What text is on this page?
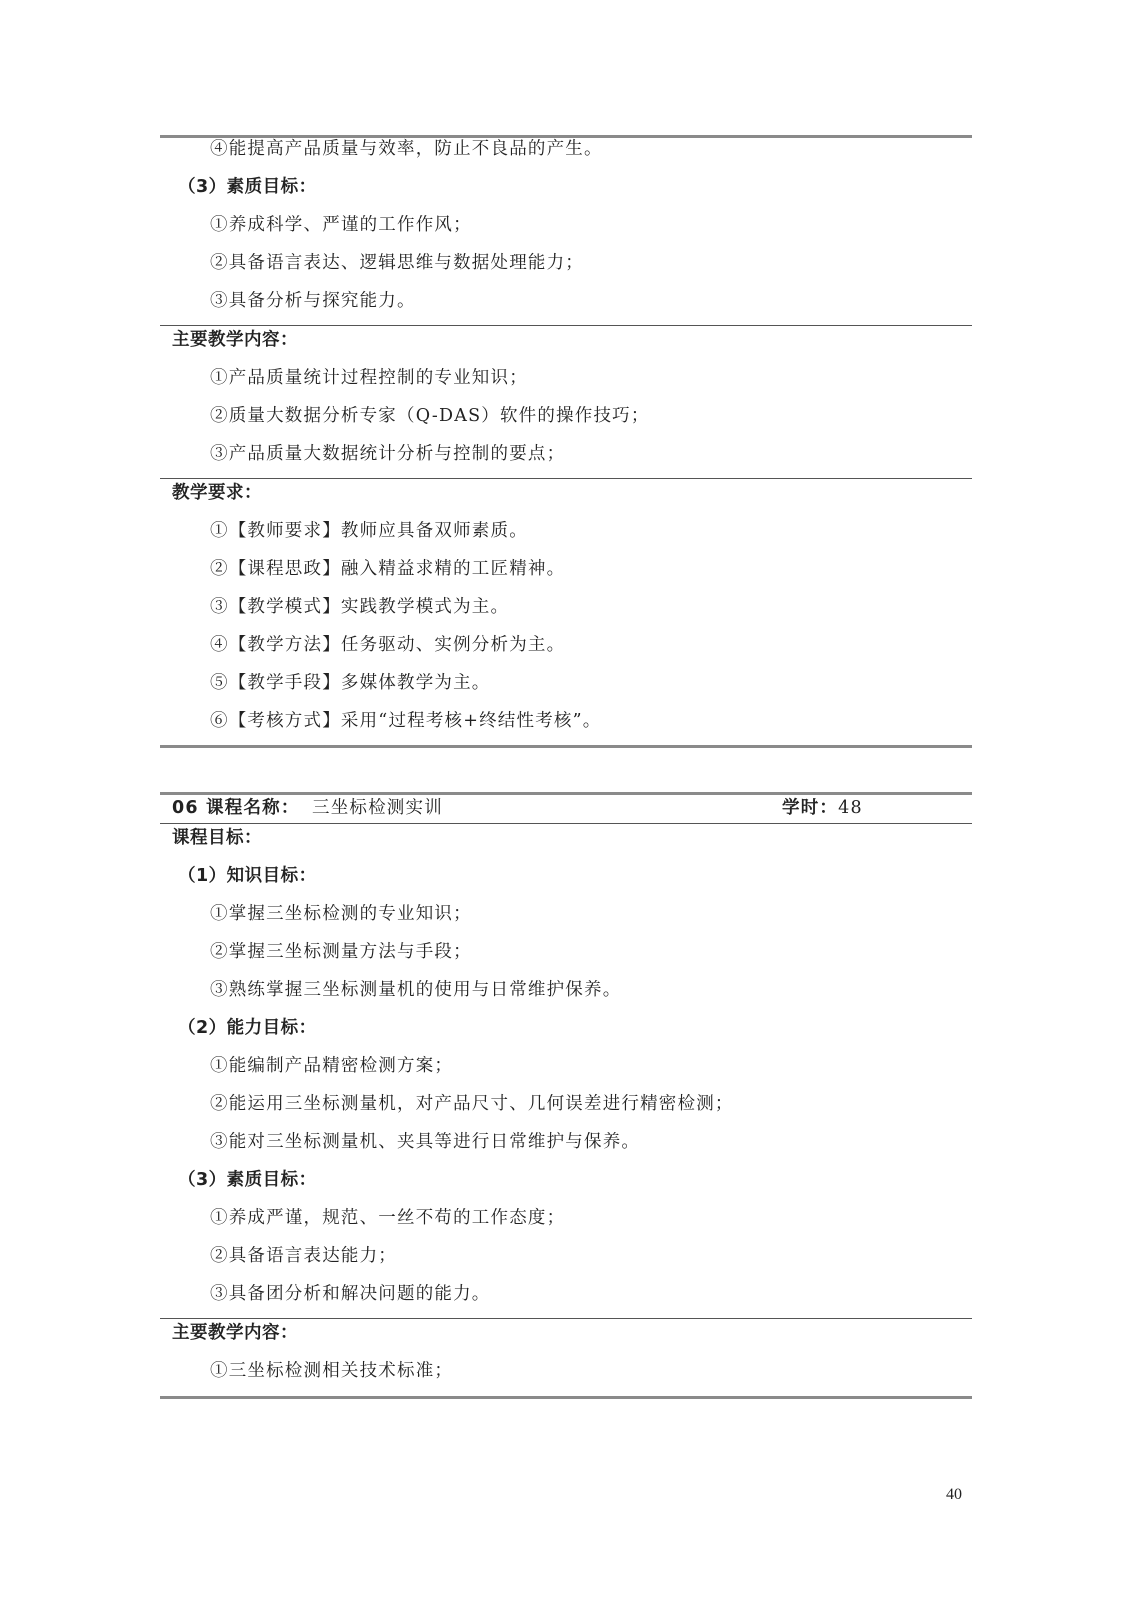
④能提高产品质量与效率，防止不良品的产生。
（3）素质目标：
①养成科学、严谨的工作作风；
②具备语言表达、逻辑思维与数据处理能力；
③具备分析与探究能力。
主要教学内容：
①产品质量统计过程控制的专业知识；
②质量大数据分析专家（Q-DAS）软件的操作技巧；
③产品质量大数据统计分析与控制的要点；
教学要求：
①【教师要求】教师应具备双师素质。
②【课程思政】融入精益求精的工匠精神。
③【教学模式】实践教学模式为主。
④【教学方法】任务驱动、实例分析为主。
⑤【教学手段】多媒体教学为主。
⑥【考核方式】采用“过程考核+终结性考核”。
06 课程名称： 三坐标检测实训	学时：48
课程目标：
（1）知识目标：
①掌握三坐标检测的专业知识；
②掌握三坐标测量方法与手段；
③熟练掌握三坐标测量机的使用与日常维护保养。
（2）能力目标：
①能编制产品精密检测方案；
②能运用三坐标测量机，对产品尺寸、几何误差进行精密检测；
③能对三坐标测量机、夹具等进行日常维护与保养。
（3）素质目标：
①养成严谨，规范、一丝不苟的工作态度；
②具备语言表达能力；
③具备团分析和解决问题的能力。
主要教学内容：
①三坐标检测相关技术标准；
40
